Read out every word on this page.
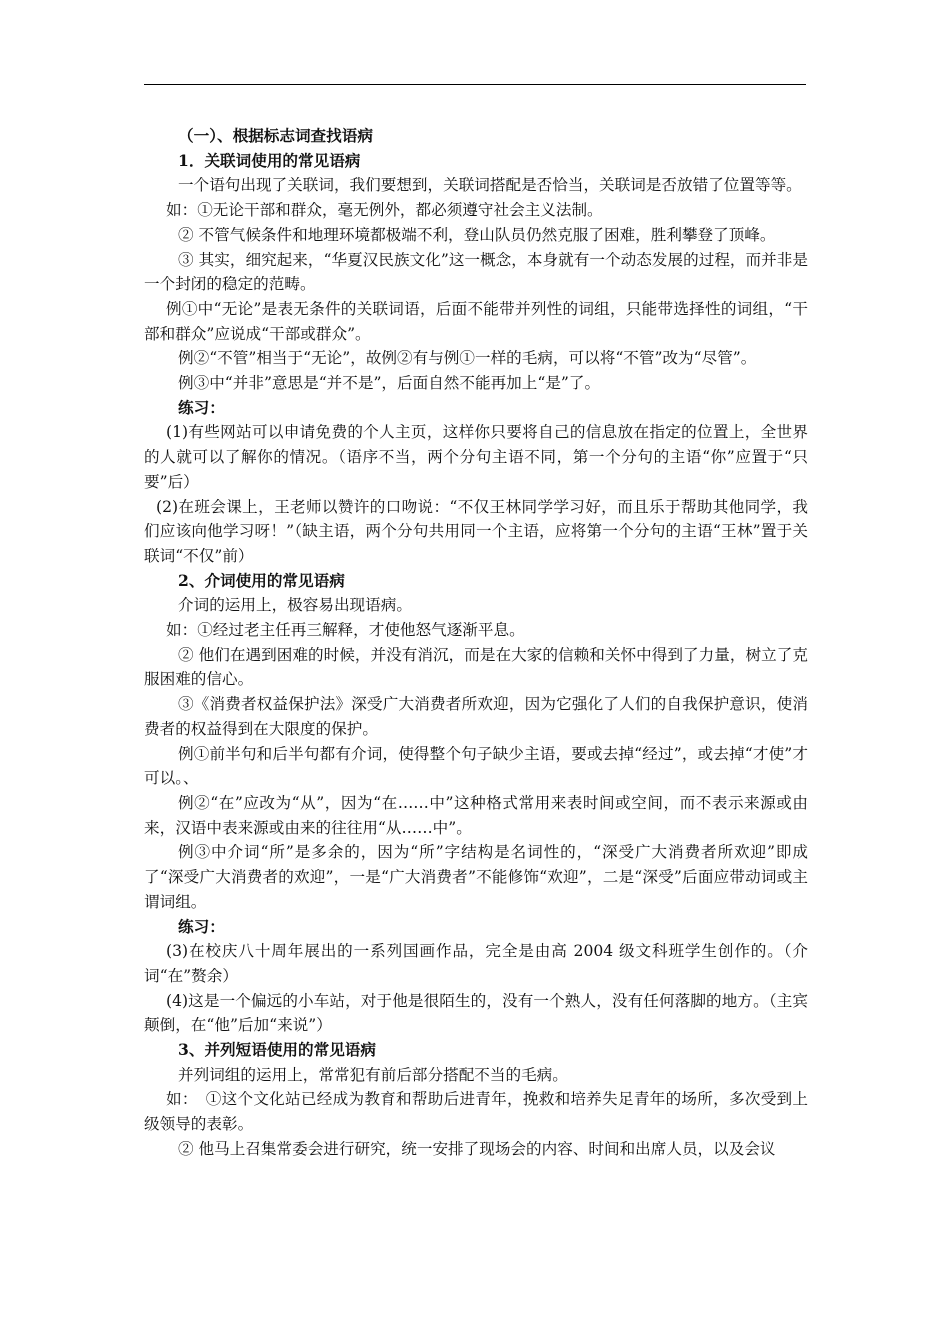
（一）、根据标志词查找语病

1．关联词使用的常见语病

一个语句出现了关联词，我们要想到，关联词搭配是否恰当，关联词是否放错了位置等等。

如：①无论干部和群众，毫无例外，都必须遵守社会主义法制。

② 不管气候条件和地理环境都极端不利，登山队员仍然克服了困难，胜利攀登了顶峰。

③ 其实，细究起来，“华夏汉民族文化”这一概念，本身就有一个动态发展的过程，而并非是一个封闭的稳定的范畴。

例①中“无论”是表无条件的关联词语，后面不能带并列性的词组，只能带选择性的词组，“干部和群众”应说成“干部或群众”。

例②“不管”相当于“无论”，故例②有与例①一样的毛病，可以将“不管”改为“尽管”。

例③中“并非”意思是“并不是”，后面自然不能再加上“是”了。

练习：

(1)有些网站可以申请免费的个人主页，这样你只要将自己的信息放在指定的位置上，全世界的人就可以了解你的情况。（语序不当，两个分句主语不同，第一个分句的主语“你”应置于“只要”后）

(2)在班会课上，王老师以赞许的口吻说：“不仅王林同学学习好，而且乐于帮助其他同学，我们应该向他学习呀！”（缺主语，两个分句共用同一个主语，应将第一个分句的主语“王林”置于关联词“不仅”前）

2、介词使用的常见语病

介词的运用上，极容易出现语病。

如：①经过老主任再三解释，才使他怒气逐渐平息。

② 他们在遇到困难的时候，并没有消沉，而是在大家的信赖和关怀中得到了力量，树立了克服困难的信心。

③《消费者权益保护法》深受广大消费者所欢迎，因为它强化了人们的自我保护意识，使消费者的权益得到在大限度的保护。

例①前半句和后半句都有介词，使得整个句子缺少主语，要或去掉“经过”，或去掉“才使”才可以。、

例②“在”应改为“从”，因为“在……中”这种格式常用来表时间或空间，而不表示来源或由来，汉语中表来源或由来的往往用“从……中”。

例③中介词“所”是多余的，因为“所”字结构是名词性的，“深受广大消费者所欢迎”即成了“深受广大消费者的欢迎”，一是“广大消费者”不能修饰“欢迎”，二是“深受”后面应带动词或主谓词组。

练习：

(3)在校庆八十周年展出的一系列国画作品，完全是由高 2004 级文科班学生创作的。（介词“在”赘余）

(4)这是一个偏远的小车站，对于他是很陌生的，没有一个熟人，没有任何落脚的地方。（主宾颠倒，在“他”后加“来说”）

3、并列短语使用的常见语病

并列词组的运用上，常常犯有前后部分搭配不当的毛病。

如：　①这个文化站已经成为教育和帮助后进青年，挽救和培养失足青年的场所，多次受到上级领导的表彰。

② 他马上召集常委会进行研究，统一安排了现场会的内容、时间和出席人员，以及会议
